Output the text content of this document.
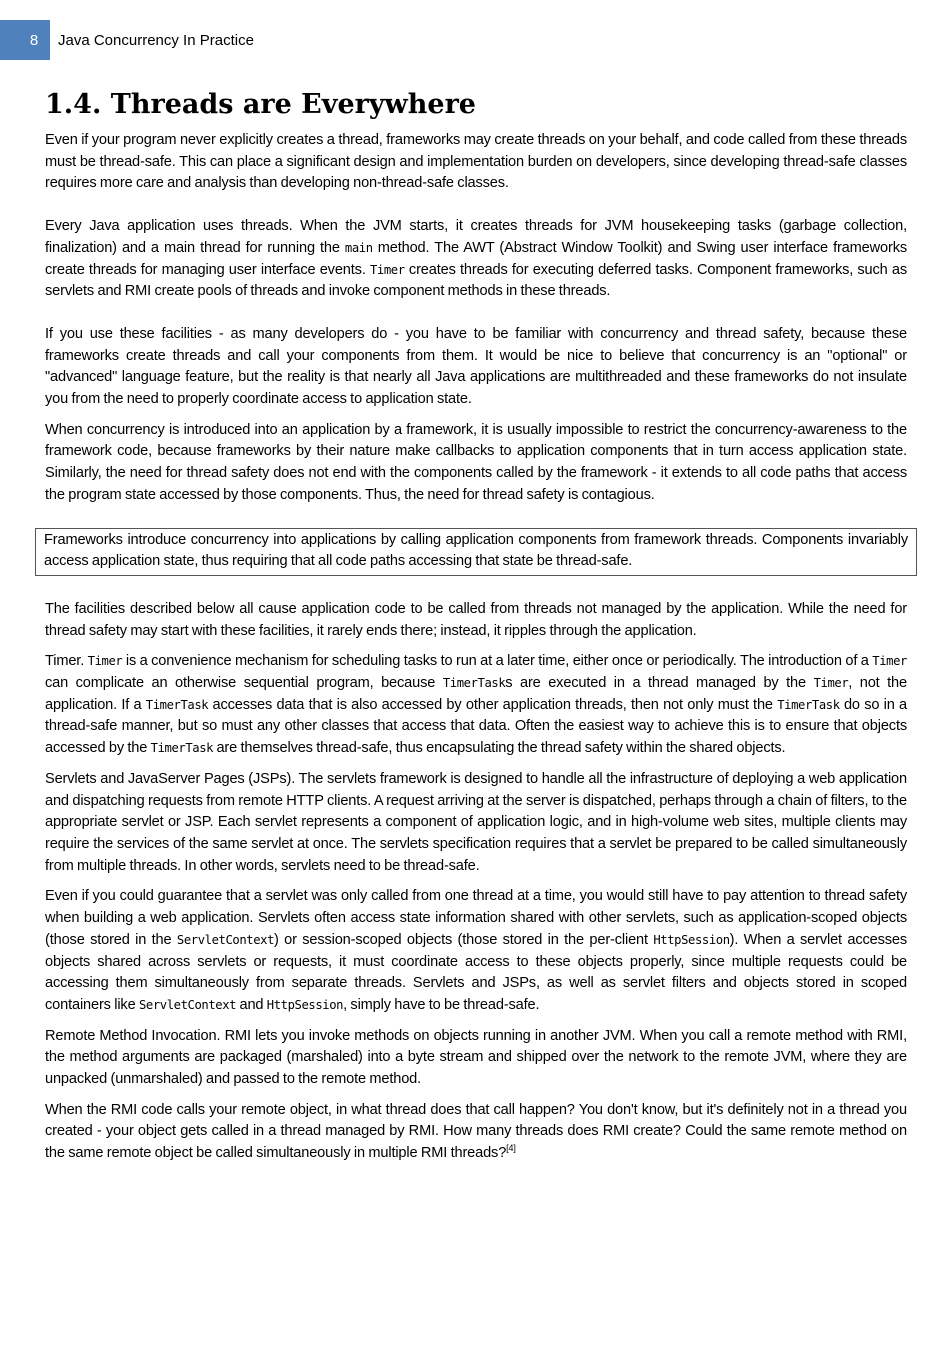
8	Java Concurrency In Practice
1.4. Threads are Everywhere

Even if your program never explicitly creates a thread, frameworks may create threads on your behalf, and code called from these threads must be thread-safe. This can place a significant design and implementation burden on developers, since developing thread-safe classes requires more care and analysis than developing non-thread-safe classes.

Every Java application uses threads. When the JVM starts, it creates threads for JVM housekeeping tasks (garbage collection, finalization) and a main thread for running the main method. The AWT (Abstract Window Toolkit) and Swing user interface frameworks create threads for managing user interface events. Timer creates threads for executing deferred tasks. Component frameworks, such as servlets and RMI create pools of threads and invoke component methods in these threads.

If you use these facilities - as many developers do - you have to be familiar with concurrency and thread safety, because these frameworks create threads and call your components from them. It would be nice to believe that concurrency is an "optional" or "advanced" language feature, but the reality is that nearly all Java applications are multithreaded and these frameworks do not insulate you from the need to properly coordinate access to application state.

When concurrency is introduced into an application by a framework, it is usually impossible to restrict the concurrency-awareness to the framework code, because frameworks by their nature make callbacks to application components that in turn access application state. Similarly, the need for thread safety does not end with the components called by the framework - it extends to all code paths that access the program state accessed by those components. Thus, the need for thread safety is contagious.

Frameworks introduce concurrency into applications by calling application components from framework threads. Components invariably access application state, thus requiring that all code paths accessing that state be thread-safe.

The facilities described below all cause application code to be called from threads not managed by the application. While the need for thread safety may start with these facilities, it rarely ends there; instead, it ripples through the application.

Timer. Timer is a convenience mechanism for scheduling tasks to run at a later time, either once or periodically. The introduction of a Timer can complicate an otherwise sequential program, because TimerTasks are executed in a thread managed by the Timer, not the application. If a TimerTask accesses data that is also accessed by other application threads, then not only must the TimerTask do so in a thread-safe manner, but so must any other classes that access that data. Often the easiest way to achieve this is to ensure that objects accessed by the TimerTask are themselves thread-safe, thus encapsulating the thread safety within the shared objects.

Servlets and JavaServer Pages (JSPs). The servlets framework is designed to handle all the infrastructure of deploying a web application and dispatching requests from remote HTTP clients. A request arriving at the server is dispatched, perhaps through a chain of filters, to the appropriate servlet or JSP. Each servlet represents a component of application logic, and in high-volume web sites, multiple clients may require the services of the same servlet at once. The servlets specification requires that a servlet be prepared to be called simultaneously from multiple threads. In other words, servlets need to be thread-safe.

Even if you could guarantee that a servlet was only called from one thread at a time, you would still have to pay attention to thread safety when building a web application. Servlets often access state information shared with other servlets, such as application-scoped objects (those stored in the ServletContext) or session-scoped objects (those stored in the per-client HttpSession). When a servlet accesses objects shared across servlets or requests, it must coordinate access to these objects properly, since multiple requests could be accessing them simultaneously from separate threads. Servlets and JSPs, as well as servlet filters and objects stored in scoped containers like ServletContext and HttpSession, simply have to be thread-safe.

Remote Method Invocation. RMI lets you invoke methods on objects running in another JVM. When you call a remote method with RMI, the method arguments are packaged (marshaled) into a byte stream and shipped over the network to the remote JVM, where they are unpacked (unmarshaled) and passed to the remote method.

When the RMI code calls your remote object, in what thread does that call happen? You don't know, but it's definitely not in a thread you created - your object gets called in a thread managed by RMI. How many threads does RMI create? Could the same remote method on the same remote object be called simultaneously in multiple RMI threads?[4]
